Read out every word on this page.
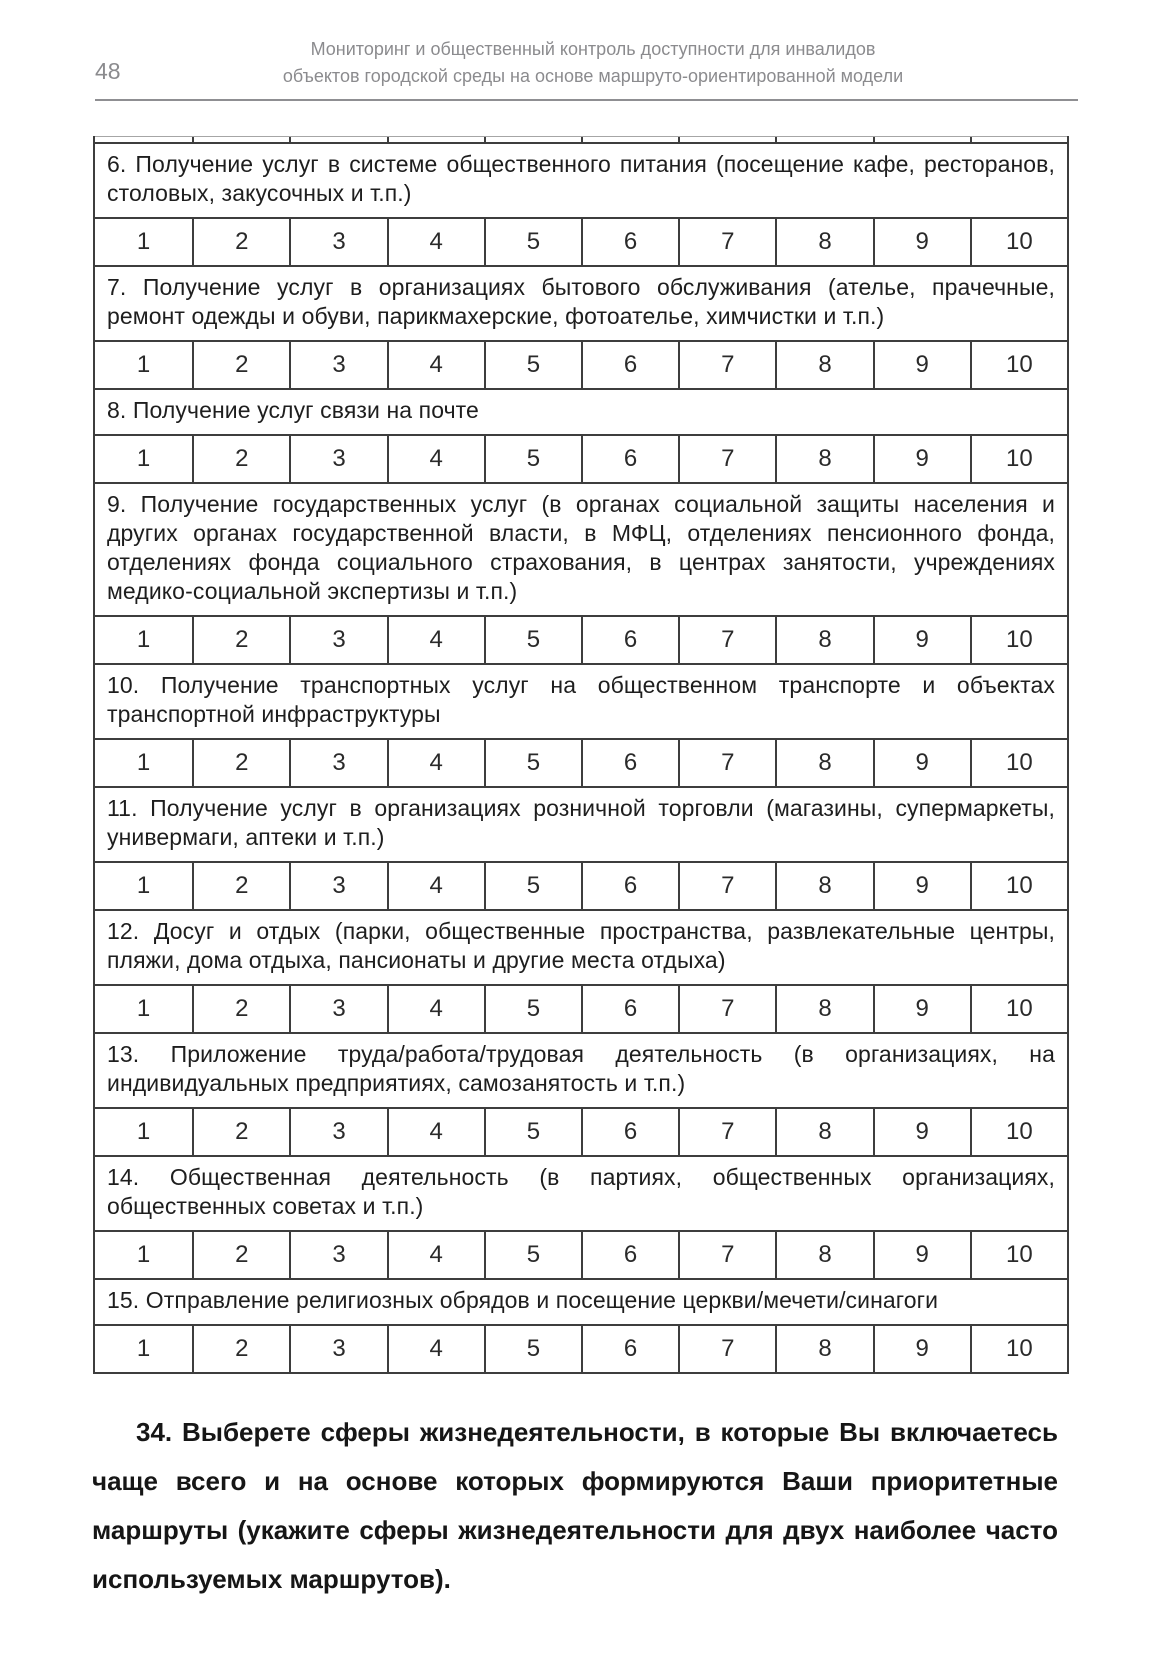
48
Мониторинг и общественный контроль доступности для инвалидов
объектов городской среды на основе маршруто-ориентированной модели
6. Получение услуг в системе общественного питания (посещение кафе, ресторанов, столовых, закусочных и т.п.)
1	2	3	4	5	6	7	8	9	10
7. Получение услуг в организациях бытового обслуживания (ателье, прачечные, ремонт одежды и обуви, парикмахерские, фотоателье, химчистки и т.п.)
1	2	3	4	5	6	7	8	9	10
8. Получение услуг связи на почте
1	2	3	4	5	6	7	8	9	10
9. Получение государственных услуг (в органах социальной защиты населения и других органах государственной власти, в МФЦ, отделениях пенсионного фонда, отделениях фонда социального страхования, в центрах занятости, учреждениях медико-социальной экспертизы и т.п.)
1	2	3	4	5	6	7	8	9	10
10. Получение транспортных услуг на общественном транспорте и объектах транспортной инфраструктуры
1	2	3	4	5	6	7	8	9	10
11. Получение услуг в организациях розничной торговли (магазины, супермаркеты, универмаги, аптеки и т.п.)
1	2	3	4	5	6	7	8	9	10
12. Досуг и отдых (парки, общественные пространства, развлекательные центры, пляжи, дома отдыха, пансионаты и другие места отдыха)
1	2	3	4	5	6	7	8	9	10
13. Приложение труда/работа/трудовая деятельность (в организациях, на индивидуальных предприятиях, самозанятость и т.п.)
1	2	3	4	5	6	7	8	9	10
14. Общественная деятельность (в партиях, общественных организациях, общественных советах и т.п.)
1	2	3	4	5	6	7	8	9	10
15. Отправление религиозных обрядов и посещение церкви/мечети/синагоги
1	2	3	4	5	6	7	8	9	10
34. Выберете сферы жизнедеятельности, в которые Вы включаетесь чаще всего и на основе которых формируются Ваши приоритетные маршруты (укажите сферы жизнедеятельности для двух наиболее часто используемых маршрутов).
